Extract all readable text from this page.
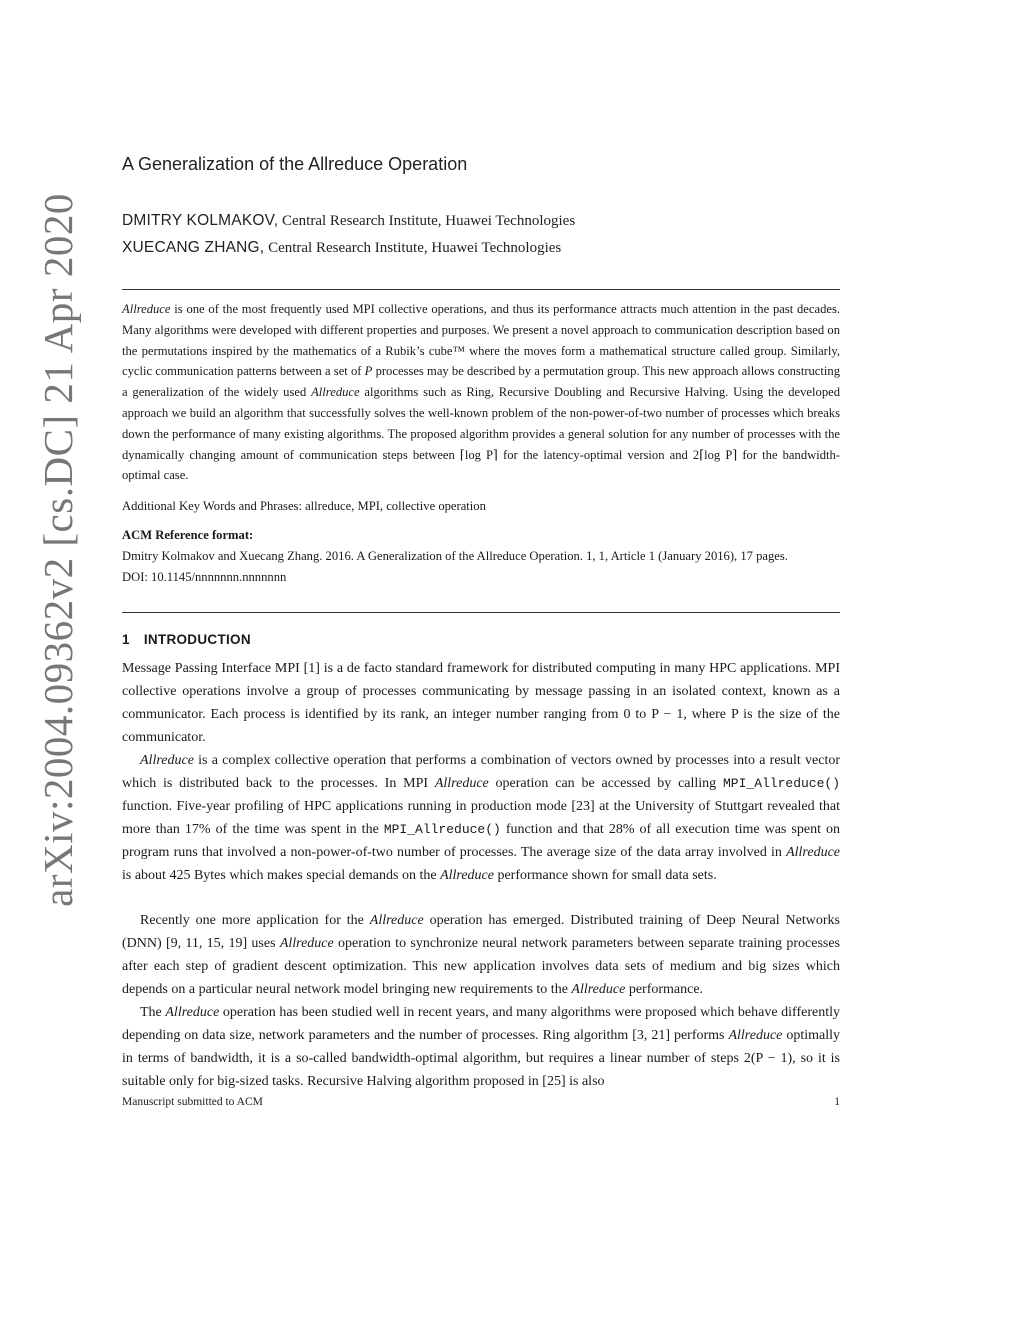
arXiv:2004.09362v2 [cs.DC] 21 Apr 2020
A Generalization of the Allreduce Operation
DMITRY KOLMAKOV, Central Research Institute, Huawei Technologies
XUECANG ZHANG, Central Research Institute, Huawei Technologies

Allreduce is one of the most frequently used MPI collective operations, and thus its performance attracts much attention in the past decades. Many algorithms were developed with different properties and purposes. We present a novel approach to communication description based on the permutations inspired by the mathematics of a Rubik’s cube™ where the moves form a mathematical structure called group. Similarly, cyclic communication patterns between a set of P processes may be described by a permutation group. This new approach allows constructing a generalization of the widely used Allreduce algorithms such as Ring, Recursive Doubling and Recursive Halving. Using the developed approach we build an algorithm that successfully solves the well-known problem of the non-power-of-two number of processes which breaks down the performance of many existing algorithms. The proposed algorithm provides a general solution for any number of processes with the dynamically changing amount of communication steps between ⌈log P⌉ for the latency-optimal version and 2⌈log P⌉ for the bandwidth-optimal case.

Additional Key Words and Phrases: allreduce, MPI, collective operation

ACM Reference format:
Dmitry Kolmakov and Xuecang Zhang. 2016. A Generalization of the Allreduce Operation. 1, 1, Article 1 (January 2016), 17 pages.
DOI: 10.1145/nnnnnnn.nnnnnnn

1 INTRODUCTION

Message Passing Interface MPI [1] is a de facto standard framework for distributed computing in many HPC applications. MPI collective operations involve a group of processes communicating by message passing in an isolated context, known as a communicator. Each process is identified by its rank, an integer number ranging from 0 to P − 1, where P is the size of the communicator.

Allreduce is a complex collective operation that performs a combination of vectors owned by processes into a result vector which is distributed back to the processes. In MPI Allreduce operation can be accessed by calling MPI_Allreduce() function. Five-year profiling of HPC applications running in production mode [23] at the University of Stuttgart revealed that more than 17% of the time was spent in the MPI_Allreduce() function and that 28% of all execution time was spent on program runs that involved a non-power-of-two number of processes. The average size of the data array involved in Allreduce is about 425 Bytes which makes special demands on the Allreduce performance shown for small data sets.

Recently one more application for the Allreduce operation has emerged. Distributed training of Deep Neural Networks (DNN) [9, 11, 15, 19] uses Allreduce operation to synchronize neural network parameters between separate training processes after each step of gradient descent optimization. This new application involves data sets of medium and big sizes which depends on a particular neural network model bringing new requirements to the Allreduce performance.

The Allreduce operation has been studied well in recent years, and many algorithms were proposed which behave differently depending on data size, network parameters and the number of processes. Ring algorithm [3, 21] performs Allreduce optimally in terms of bandwidth, it is a so-called bandwidth-optimal algorithm, but requires a linear number of steps 2(P − 1), so it is suitable only for big-sized tasks. Recursive Halving algorithm proposed in [25] is also

Manuscript submitted to ACM	1
